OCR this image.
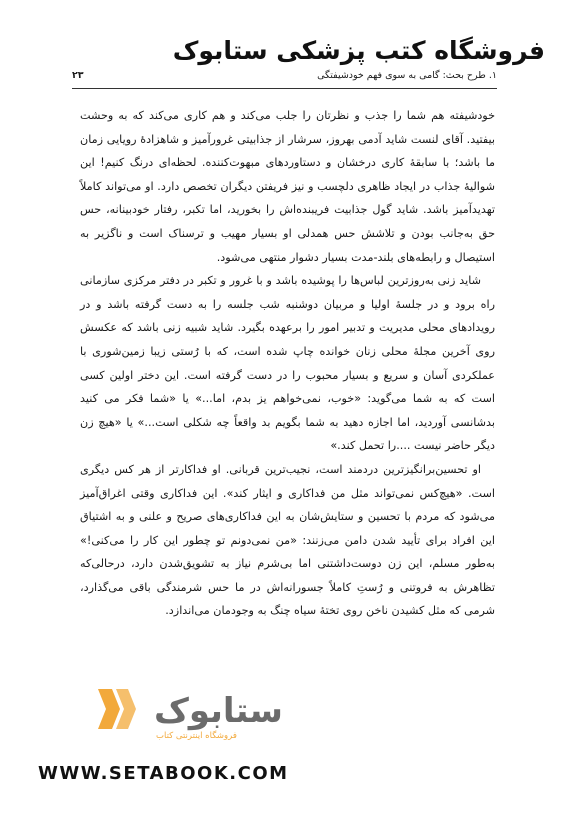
فروشگاه کتب پزشکی ستابوک
۱. طرح بحث: گامی به سوی فهم خودشیفتگی
۲۳

خودشیفته هم شما را جذب و نظرتان را جلب می‌کند و هم کاری می‌کند که به وحشت بیفتید. آقای لنست شاید آدمی بهروز، سرشار از جذابیتی غرورآمیز و شاهزادهٔ رویایی زمان ما باشد؛ با سابقهٔ کاری درخشان و دستاوردهای مبهوت‌کننده. لحظه‌ای درنگ کنیم! این شوالیهٔ جذاب در ایجاد ظاهری دلچسب و نیز فریفتن دیگران تخصص دارد. او می‌تواند کاملاً تهدیدآمیز باشد. شاید گول جذابیت فریبنده‌اش را بخورید، اما تکبر، رفتار خودبینانه، حس حق به‌جانب بودن و تلاشش حس همدلی او بسیار مهیب و ترسناک است و ناگزیر به استیصال و رابطه‌های بلند-مدت بسیار دشوار منتهی می‌شود.

شاید زنی به‌روزترین لباس‌ها را پوشیده باشد و با غرور و تکبر در دفتر مرکزی سازمانی راه برود و در جلسهٔ اولیا و مربیان دوشنبه شب جلسه را به دست گرفته باشد و در رویدادهای محلی مدیریت و تدبیر امور را برعهده بگیرد. شاید شبیه زنی باشد که عکسش روی آخرین مجلهٔ محلی زنان خوانده چاپ شده است، که با رُستی زیبا زمین‌شوری با عملکردی آسان و سریع و بسیار محبوب را در دست گرفته است. این دختر اولین کسی است که به شما می‌گوید: «خوب، نمی‌خواهم یز بدم، اما...» یا «شما فکر می کنید بدشانسی آوردید، اما اجازه دهید به شما بگویم بد واقعاً چه شکلی است...» یا «هیچ زن دیگر حاضر نیست ....را تحمل کند.»

او تحسین‌برانگیزترین دردمند است، نجیب‌ترین قربانی. او فداکارتر از هر کس دیگری است. «هیچ‌کس نمی‌تواند مثل من فداکاری و ایثار کند». این فداکاری وقتی اغراق‌آمیز می‌شود که مردم با تحسین و ستایش‌شان به این فداکاری‌های صریح و علنی و به اشتیاق این افراد برای تأیید شدن دامن می‌زنند: «من نمی‌دونم تو چطور این کار را می‌کنی!» به‌طور مسلم، این زن دوست‌داشتنی اما بی‌شرم نیاز به تشویق‌شدن دارد، درحالی‌که تظاهرش به فروتنی و رُستِ کاملاً جسورانه‌اش در ما حس شرمندگی باقی می‌گذارد، شرمی که مثل کشیدن ناخن روی تختهٔ سیاه چنگ به وجودمان می‌اندازد.

ستابوک
فروشگاه اینترنتی کتاب
WWW.SETABOOK.COM
